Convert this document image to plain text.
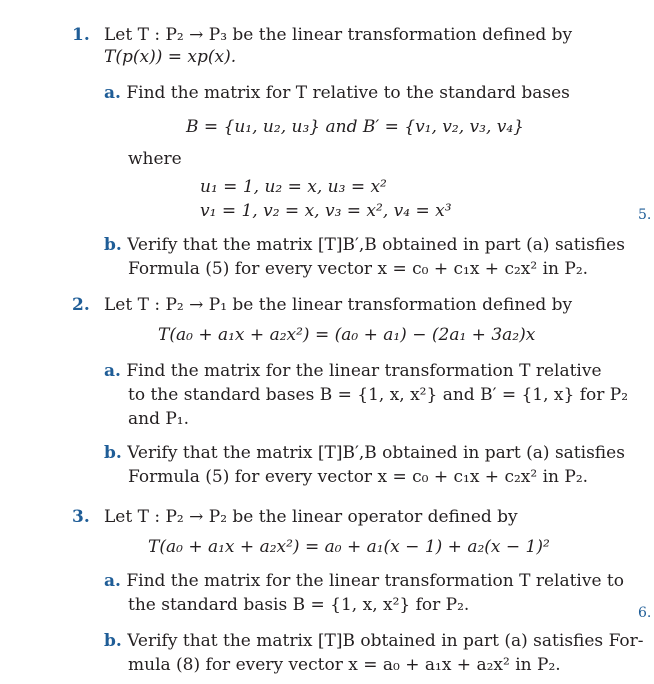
1. Let T : P₂ → P₃ be the linear transformation defined by
T(p(x)) = xp(x).
a. Find the matrix for T relative to the standard bases
B = {u₁, u₂, u₃} and B′ = {v₁, v₂, v₃, v₄}
where
u₁ = 1, u₂ = x, u₃ = x²
v₁ = 1, v₂ = x, v₃ = x², v₄ = x³
b. Verify that the matrix [T]B′,B obtained in part (a) satisfies
Formula (5) for every vector x = c₀ + c₁x + c₂x² in P₂.
2. Let T : P₂ → P₁ be the linear transformation defined by
T(a₀ + a₁x + a₂x²) = (a₀ + a₁) − (2a₁ + 3a₂)x
a. Find the matrix for the linear transformation T relative
to the standard bases B = {1, x, x²} and B′ = {1, x} for P₂
and P₁.
b. Verify that the matrix [T]B′,B obtained in part (a) satisfies
Formula (5) for every vector x = c₀ + c₁x + c₂x² in P₂.
3. Let T : P₂ → P₂ be the linear operator defined by
T(a₀ + a₁x + a₂x²) = a₀ + a₁(x − 1) + a₂(x − 1)²
a. Find the matrix for the linear transformation T relative to
the standard basis B = {1, x, x²} for P₂.
b. Verify that the matrix [T]B obtained in part (a) satisfies For-
mula (8) for every vector x = a₀ + a₁x + a₂x² in P₂.
5.
6.
